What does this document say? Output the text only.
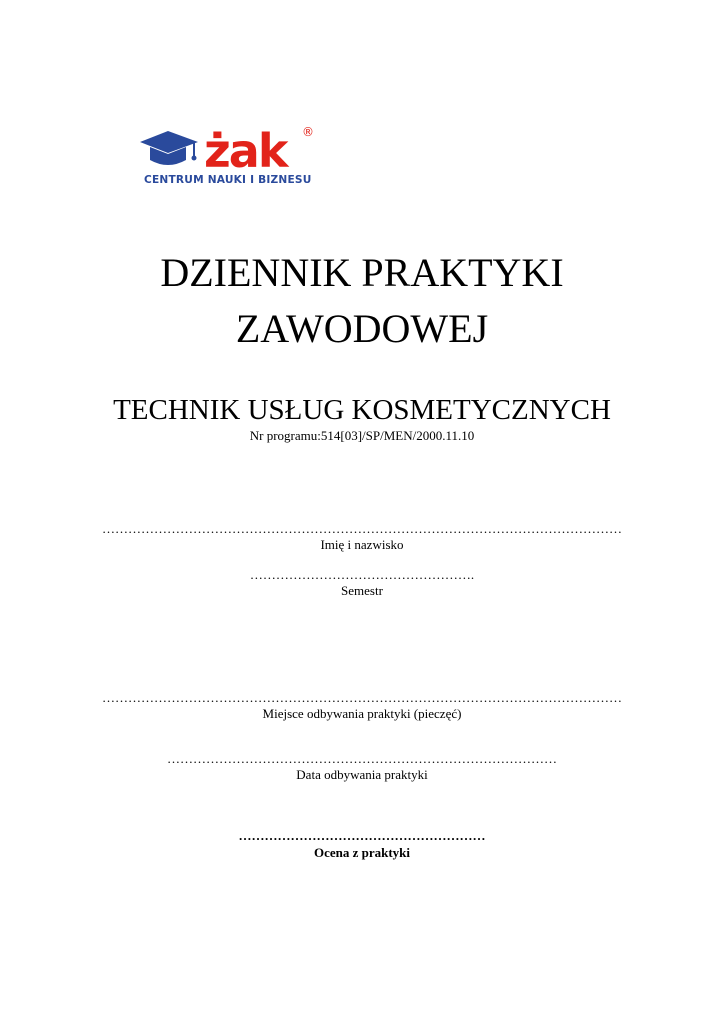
żak ®
CENTRUM NAUKI I BIZNESU
DZIENNIK PRAKTYKI
ZAWODOWEJ
TECHNIK USŁUG KOSMETYCZNYCH
Nr programu:514[03]/SP/MEN/2000.11.10
…………………………………………………………………………………………………………
Imię i nazwisko
…………………………………………….
Semestr
…………………………………………………………………………………………………………
Miejsce odbywania praktyki (pieczęć)
………………………………………………………………………………
Data odbywania praktyki
…………………………………………………
Ocena z praktyki
